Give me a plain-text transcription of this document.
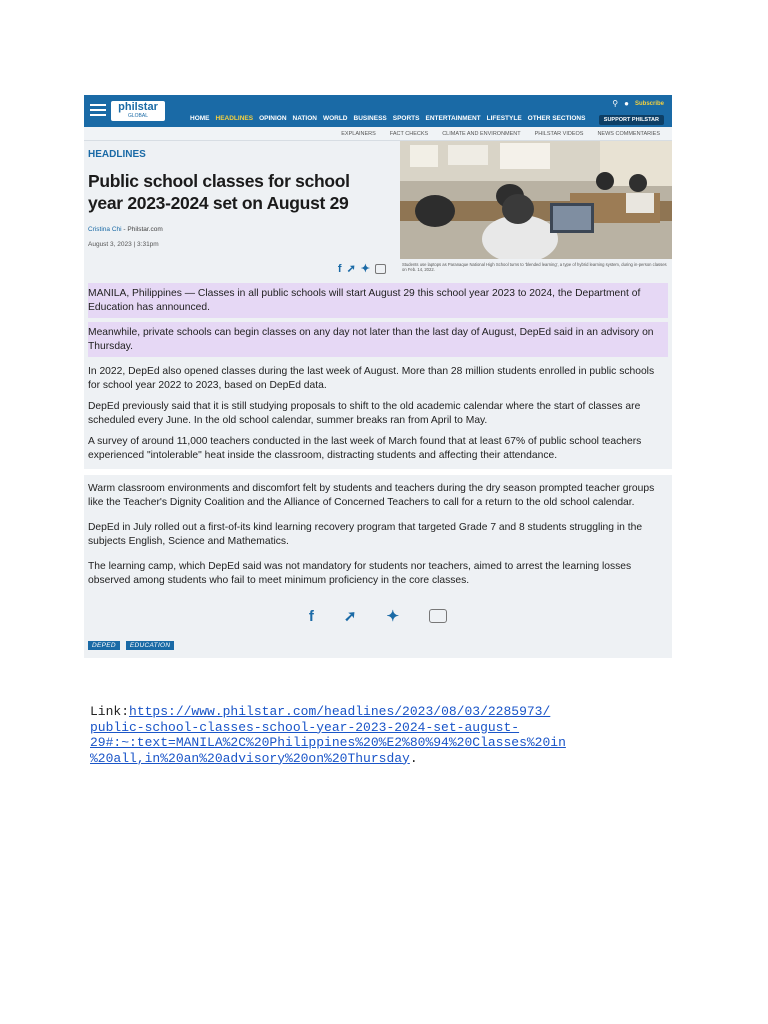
philstar
GLOBAL	HOME HEADLINES OPINION NATION WORLD BUSINESS SPORTS ENTERTAINMENT LIFESTYLE OTHER SECTIONS
⚲ ● Subscribe
SUPPORT PHILSTAR
EXPLAINERS	FACT CHECKS	CLIMATE AND ENVIRONMENT	PHILSTAR VIDEOS	NEWS COMMENTARIES
HEADLINES
Public school classes for school year 2023-2024 set on August 29
Cristina Chi - Philstar.com
August 3, 2023 | 3:31pm
f ➚ ✦	Students use laptops as Paranaque National High School turns to 'blended learning', a type of hybrid learning system, during in-person classes on Feb. 14, 2022.

MANILA, Philippines — Classes in all public schools will start August 29 this school year 2023 to 2024, the Department of Education has announced.

Meanwhile, private schools can begin classes on any day not later than the last day of August, DepEd said in an advisory on Thursday.

In 2022, DepEd also opened classes during the last week of August. More than 28 million students enrolled in public schools for school year 2022 to 2023, based on DepEd data.

DepEd previously said that it is still studying proposals to shift to the old academic calendar where the start of classes are scheduled every June. In the old school calendar, summer breaks ran from April to May.

A survey of around 11,000 teachers conducted in the last week of March found that at least 67% of public school teachers experienced "intolerable" heat inside the classroom, distracting students and affecting their attendance.

Warm classroom environments and discomfort felt by students and teachers during the dry season prompted teacher groups like the Teacher's Dignity Coalition and the Alliance of Concerned Teachers to call for a return to the old school calendar.

DepEd in July rolled out a first-of-its kind learning recovery program that targeted Grade 7 and 8 students struggling in the subjects English, Science and Mathematics.

The learning camp, which DepEd said was not mandatory for students nor teachers, aimed to arrest the learning losses observed among students who fail to meet minimum proficiency in the core classes.

f ➚ ✦
DEPED	EDUCATION
Link:https://www.philstar.com/headlines/2023/08/03/2285973/
public-school-classes-school-year-2023-2024-set-august-
29#:~:text=MANILA%2C%20Philippines%20%E2%80%94%20Classes%20in
%20all,in%20an%20advisory%20on%20Thursday.
